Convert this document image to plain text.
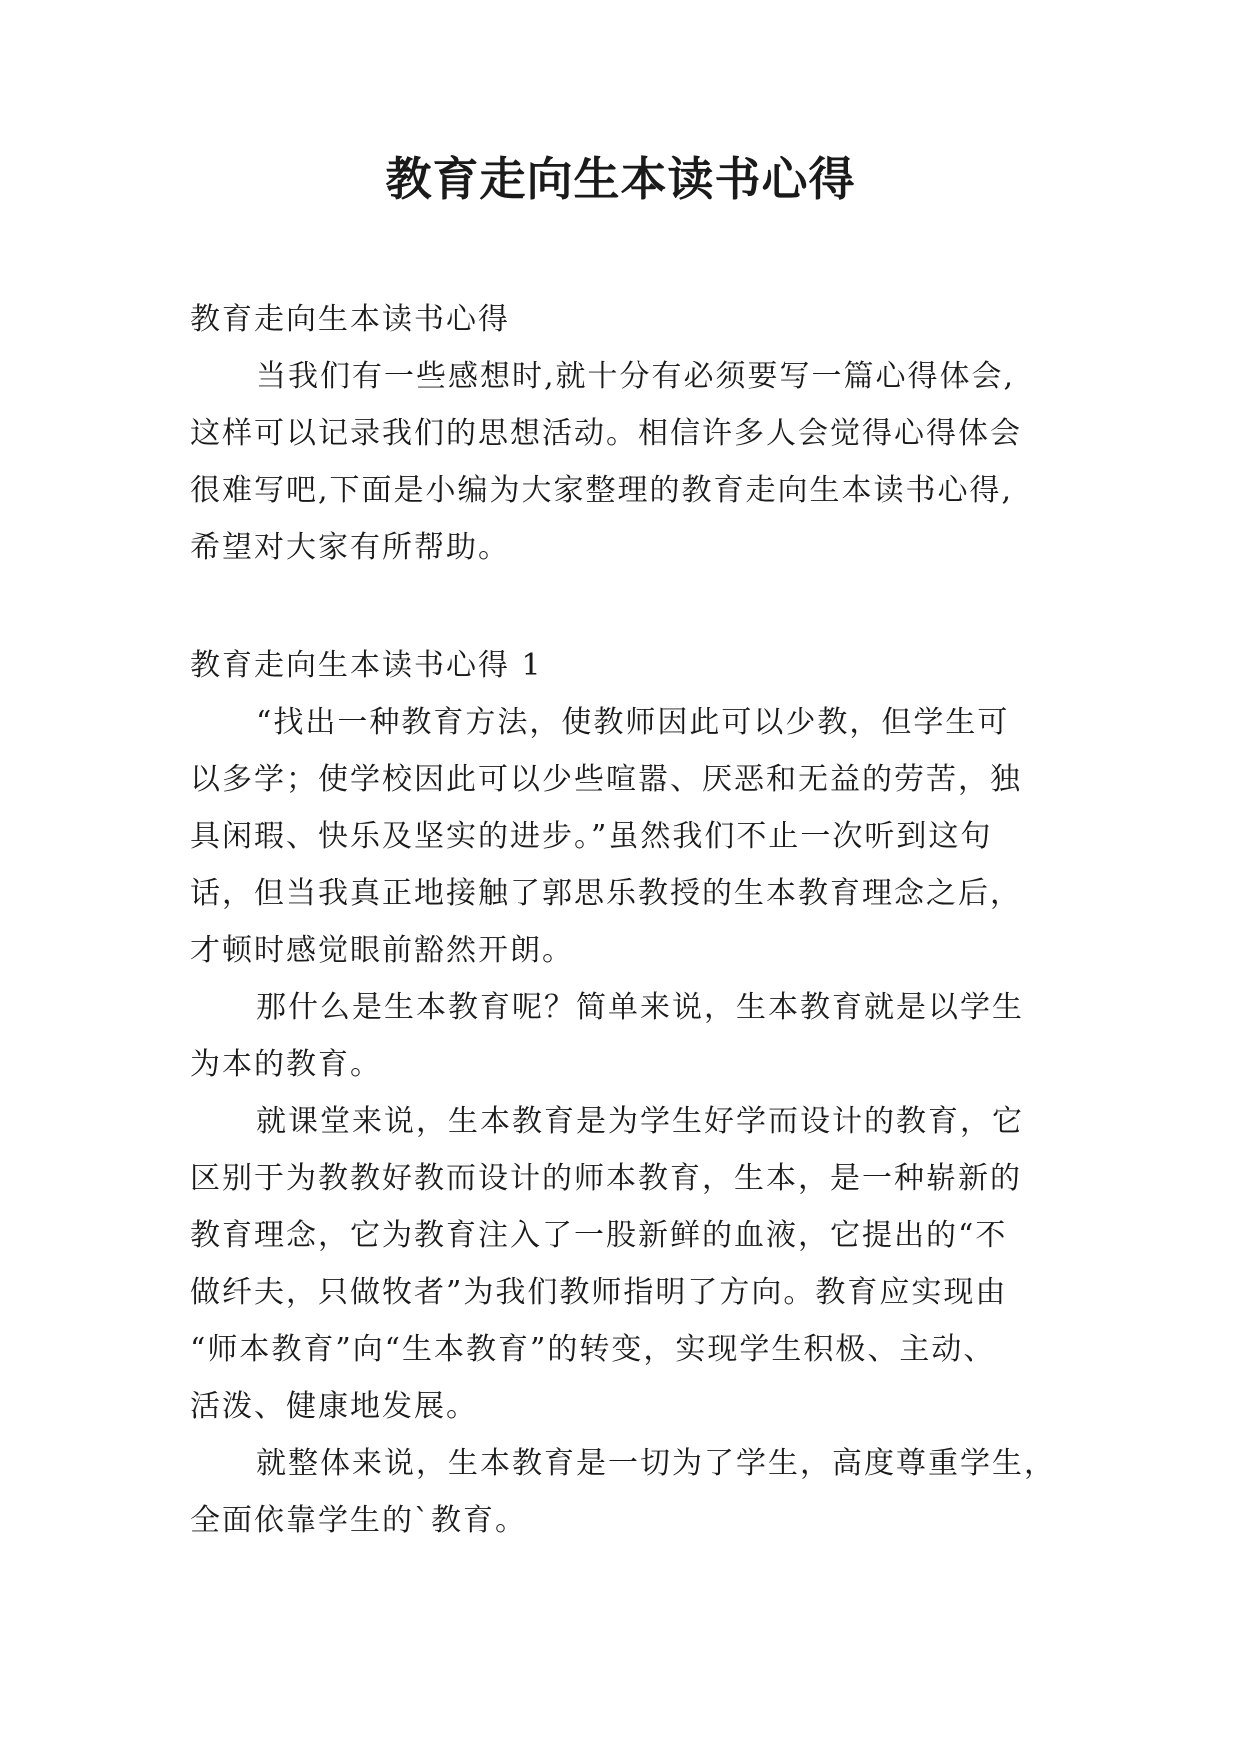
教育走向生本读书心得

教育走向生本读书心得

当我们有一些感想时,就十分有必须要写一篇心得体会,

这样可以记录我们的思想活动。相信许多人会觉得心得体会

很难写吧,下面是小编为大家整理的教育走向生本读书心得,

希望对大家有所帮助。

教育走向生本读书心得 1

“找出一种教育方法，使教师因此可以少教，但学生可

以多学；使学校因此可以少些喧嚣、厌恶和无益的劳苦，独

具闲瑕、快乐及坚实的进步。”虽然我们不止一次听到这句

话，但当我真正地接触了郭思乐教授的生本教育理念之后，

才顿时感觉眼前豁然开朗。

那什么是生本教育呢？简单来说，生本教育就是以学生

为本的教育。

就课堂来说，生本教育是为学生好学而设计的教育，它

区别于为教教好教而设计的师本教育，生本，是一种崭新的

教育理念，它为教育注入了一股新鲜的血液，它提出的“不

做纤夫，只做牧者”为我们教师指明了方向。教育应实现由

“师本教育”向“生本教育”的转变，实现学生积极、主动、

活泼、健康地发展。

就整体来说，生本教育是一切为了学生，高度尊重学生，

全面依靠学生的`教育。
